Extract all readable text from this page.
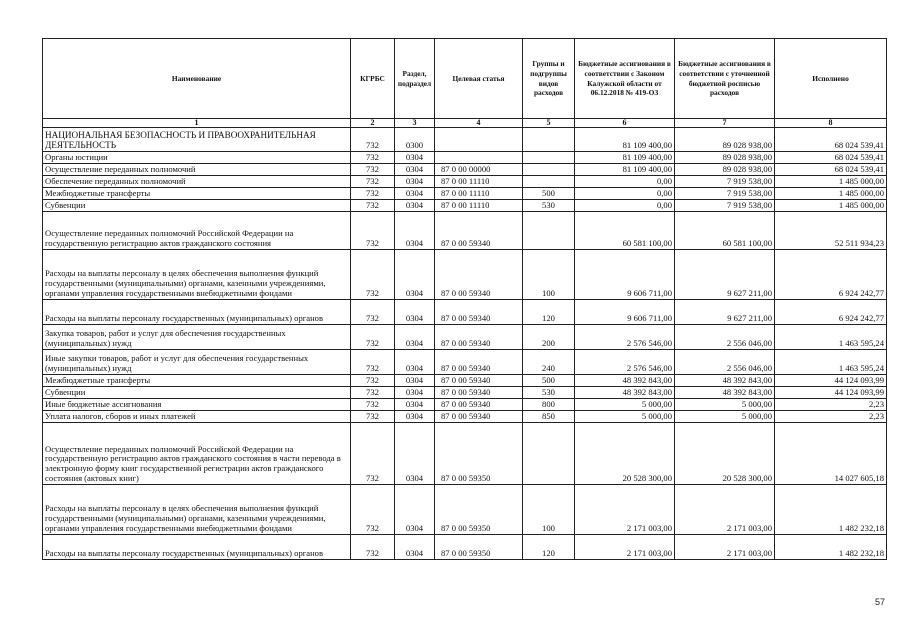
Наименование	КГРБС	Раздел, подраздел	Целевая статья	Группы и подгруппы видов расходов	Бюджетные ассигнования в соответствии с Законом Калужской области от 06.12.2018 № 419-ОЗ	Бюджетные ассигнования в соответствии с уточненной бюджетной росписью расходов	Исполнено
1	2	3	4	5	6	7	8
НАЦИОНАЛЬНАЯ БЕЗОПАСНОСТЬ И ПРАВООХРАНИТЕЛЬНАЯ ДЕЯТЕЛЬНОСТЬ	732	0300			81 109 400,00	89 028 938,00	68 024 539,41
Органы юстиции	732	0304			81 109 400,00	89 028 938,00	68 024 539,41
Осуществление переданных полномочий	732	0304	87 0 00 00000		81 109 400,00	89 028 938,00	68 024 539,41
Обеспечение переданных полномочий	732	0304	87 0 00 11110		0,00	7 919 538,00	1 485 000,00
Межбюджетные трансферты	732	0304	87 0 00 11110	500	0,00	7 919 538,00	1 485 000,00
Субвенции	732	0304	87 0 00 11110	530	0,00	7 919 538,00	1 485 000,00
Осуществление переданных полномочий Российской Федерации на государственную регистрацию актов гражданского состояния	732	0304	87 0 00 59340		60 581 100,00	60 581 100,00	52 511 934,23
Расходы на выплаты персоналу в целях обеспечения выполнения функций государственными (муниципальными) органами, казенными учреждениями, органами управления государственными внебюджетными фондами	732	0304	87 0 00 59340	100	9 606 711,00	9 627 211,00	6 924 242,77
Расходы на выплаты персоналу государственных (муниципальных) органов	732	0304	87 0 00 59340	120	9 606 711,00	9 627 211,00	6 924 242,77
Закупка товаров, работ и услуг для обеспечения государственных (муниципальных) нужд	732	0304	87 0 00 59340	200	2 576 546,00	2 556 046,00	1 463 595,24
Иные закупки товаров, работ и услуг для обеспечения государственных (муниципальных) нужд	732	0304	87 0 00 59340	240	2 576 546,00	2 556 046,00	1 463 595,24
Межбюджетные трансферты	732	0304	87 0 00 59340	500	48 392 843,00	48 392 843,00	44 124 093,99
Субвенции	732	0304	87 0 00 59340	530	48 392 843,00	48 392 843,00	44 124 093,99
Иные бюджетные ассигнования	732	0304	87 0 00 59340	800	5 000,00	5 000,00	2,23
Уплата налогов, сборов и иных платежей	732	0304	87 0 00 59340	850	5 000,00	5 000,00	2,23
Осуществление переданных полномочий Российской Федерации на государственную регистрацию актов гражданского состояния в части перевода в электронную форму книг государственной регистрации актов гражданского состояния (актовых книг)	732	0304	87 0 00 59350		20 528 300,00	20 528 300,00	14 027 605,18
Расходы на выплаты персоналу в целях обеспечения выполнения функций государственными (муниципальными) органами, казенными учреждениями, органами управления государственными внебюджетными фондами	732	0304	87 0 00 59350	100	2 171 003,00	2 171 003,00	1 482 232,18
Расходы на выплаты персоналу государственных (муниципальных) органов	732	0304	87 0 00 59350	120	2 171 003,00	2 171 003,00	1 482 232,18
57
